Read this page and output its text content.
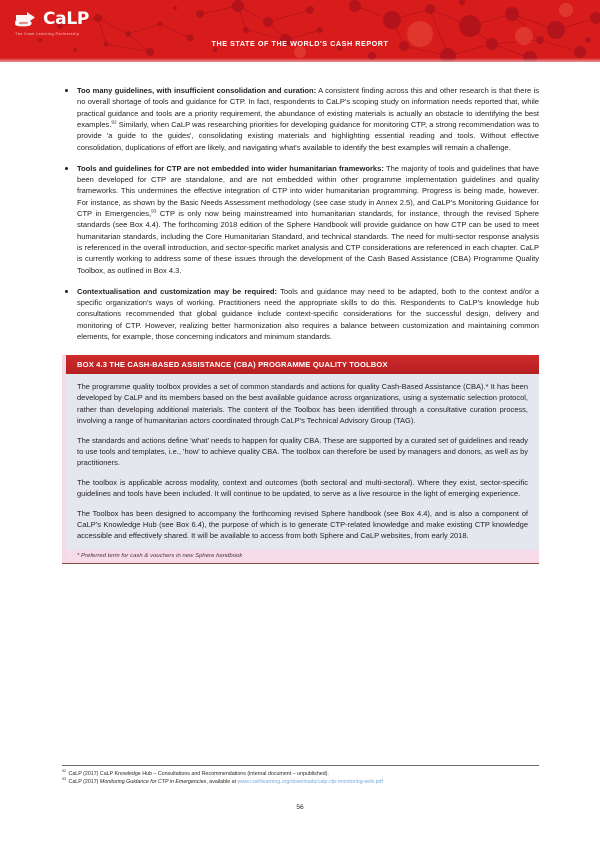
CaLP
The Cash Learning Partnership
THE STATE OF THE WORLD'S CASH REPORT
Too many guidelines, with insufficient consolidation and curation: A consistent finding across this and other research is that there is no overall shortage of tools and guidance for CTP. In fact, respondents to CaLP's scoping study on information needs reported that, while practical guidance and tools are a priority requirement, the abundance of existing materials is actually an obstacle to identifying the best examples.$^{92}$ Similarly, when CaLP was researching priorities for developing guidance for monitoring CTP, a strong recommendation was to provide 'a guide to the guides', consolidating existing materials and highlighting essential reading and tools. Without effective consolidation, duplications of effort are likely, and navigating what's available to identify the best examples will remain a challenge.
Tools and guidelines for CTP are not embedded into wider humanitarian frameworks: The majority of tools and guidelines that have been developed for CTP are standalone, and are not embedded within other programme implementation guidelines and quality frameworks. This undermines the effective integration of CTP into wider humanitarian programming. Progress is being made, however. For instance, as shown by the Basic Needs Assessment methodology (see case study in Annex 2.5), and CaLP's Monitoring Guidance for CTP in Emergencies,$^{93}$ CTP is only now being mainstreamed into humanitarian standards, for instance, through the revised Sphere standards (see Box 4.4). The forthcoming 2018 edition of the Sphere Handbook will provide guidance on how CTP can be used to meet humanitarian standards, including the Core Humanitarian Standard, and technical standards. The need for multi-sector response analysis is referenced in the overall introduction, and sector-specific market analysis and CTP considerations are referenced in each chapter. CaLP is currently working to address some of these issues through the development of the Cash Based Assistance (CBA) Programme Quality Toolbox, as outlined in Box 4.3.
Contextualisation and customization may be required: Tools and guidance may need to be adapted, both to the context and/or a specific organization's ways of working. Practitioners need the appropriate skills to do this. Respondents to CaLP's knowledge hub consultations recommended that global guidance include context-specific considerations for the successful design, delivery and monitoring of CTP. However, realizing better harmonization also requires a balance between customization and maintaining common elements, for example, those concerning indicators and minimum standards.
BOX 4.3 THE CASH-BASED ASSISTANCE (CBA) PROGRAMME QUALITY TOOLBOX

The programme quality toolbox provides a set of common standards and actions for quality Cash-Based Assistance (CBA).* It has been developed by CaLP and its members based on the best available guidance across organizations, using a systematic selection protocol, rather than developing additional materials. The content of the Toolbox has been identified through a consultative curation process, involving a range of humanitarian actors coordinated through CaLP's Technical Advisory Group (TAG).

The standards and actions define 'what' needs to happen for quality CBA. These are supported by a curated set of guidelines and ready to use tools and templates, i.e., 'how' to achieve quality CBA. The toolbox can therefore be used by managers and donors, as well as by practitioners.

The toolbox is applicable across modality, context and outcomes (both sectoral and multi-sectoral). Where they exist, sector-specific guidelines and tools have been included. It will continue to be updated, to serve as a live resource in the light of emerging experience.

The Toolbox has been designed to accompany the forthcoming revised Sphere handbook (see Box 4.4), and is also a component of CaLP's Knowledge Hub (see Box 6.4), the purpose of which is to generate CTP-related knowledge and make existing CTP knowledge accessible and effectively shared. It will be available to access from both Sphere and CaLP websites, from early 2018.

* Preferred term for cash & vouchers in new Sphere handbook

$^{92}$ CaLP (2017) CaLP Knowledge Hub – Consultations and Recommendations (internal document – unpublished).
$^{93}$ CaLP (2017) Monitoring Guidance for CTP in Emergencies, available at www.cashlearning.org/downloads/calp-ctp-monitoring-web.pdf
56
